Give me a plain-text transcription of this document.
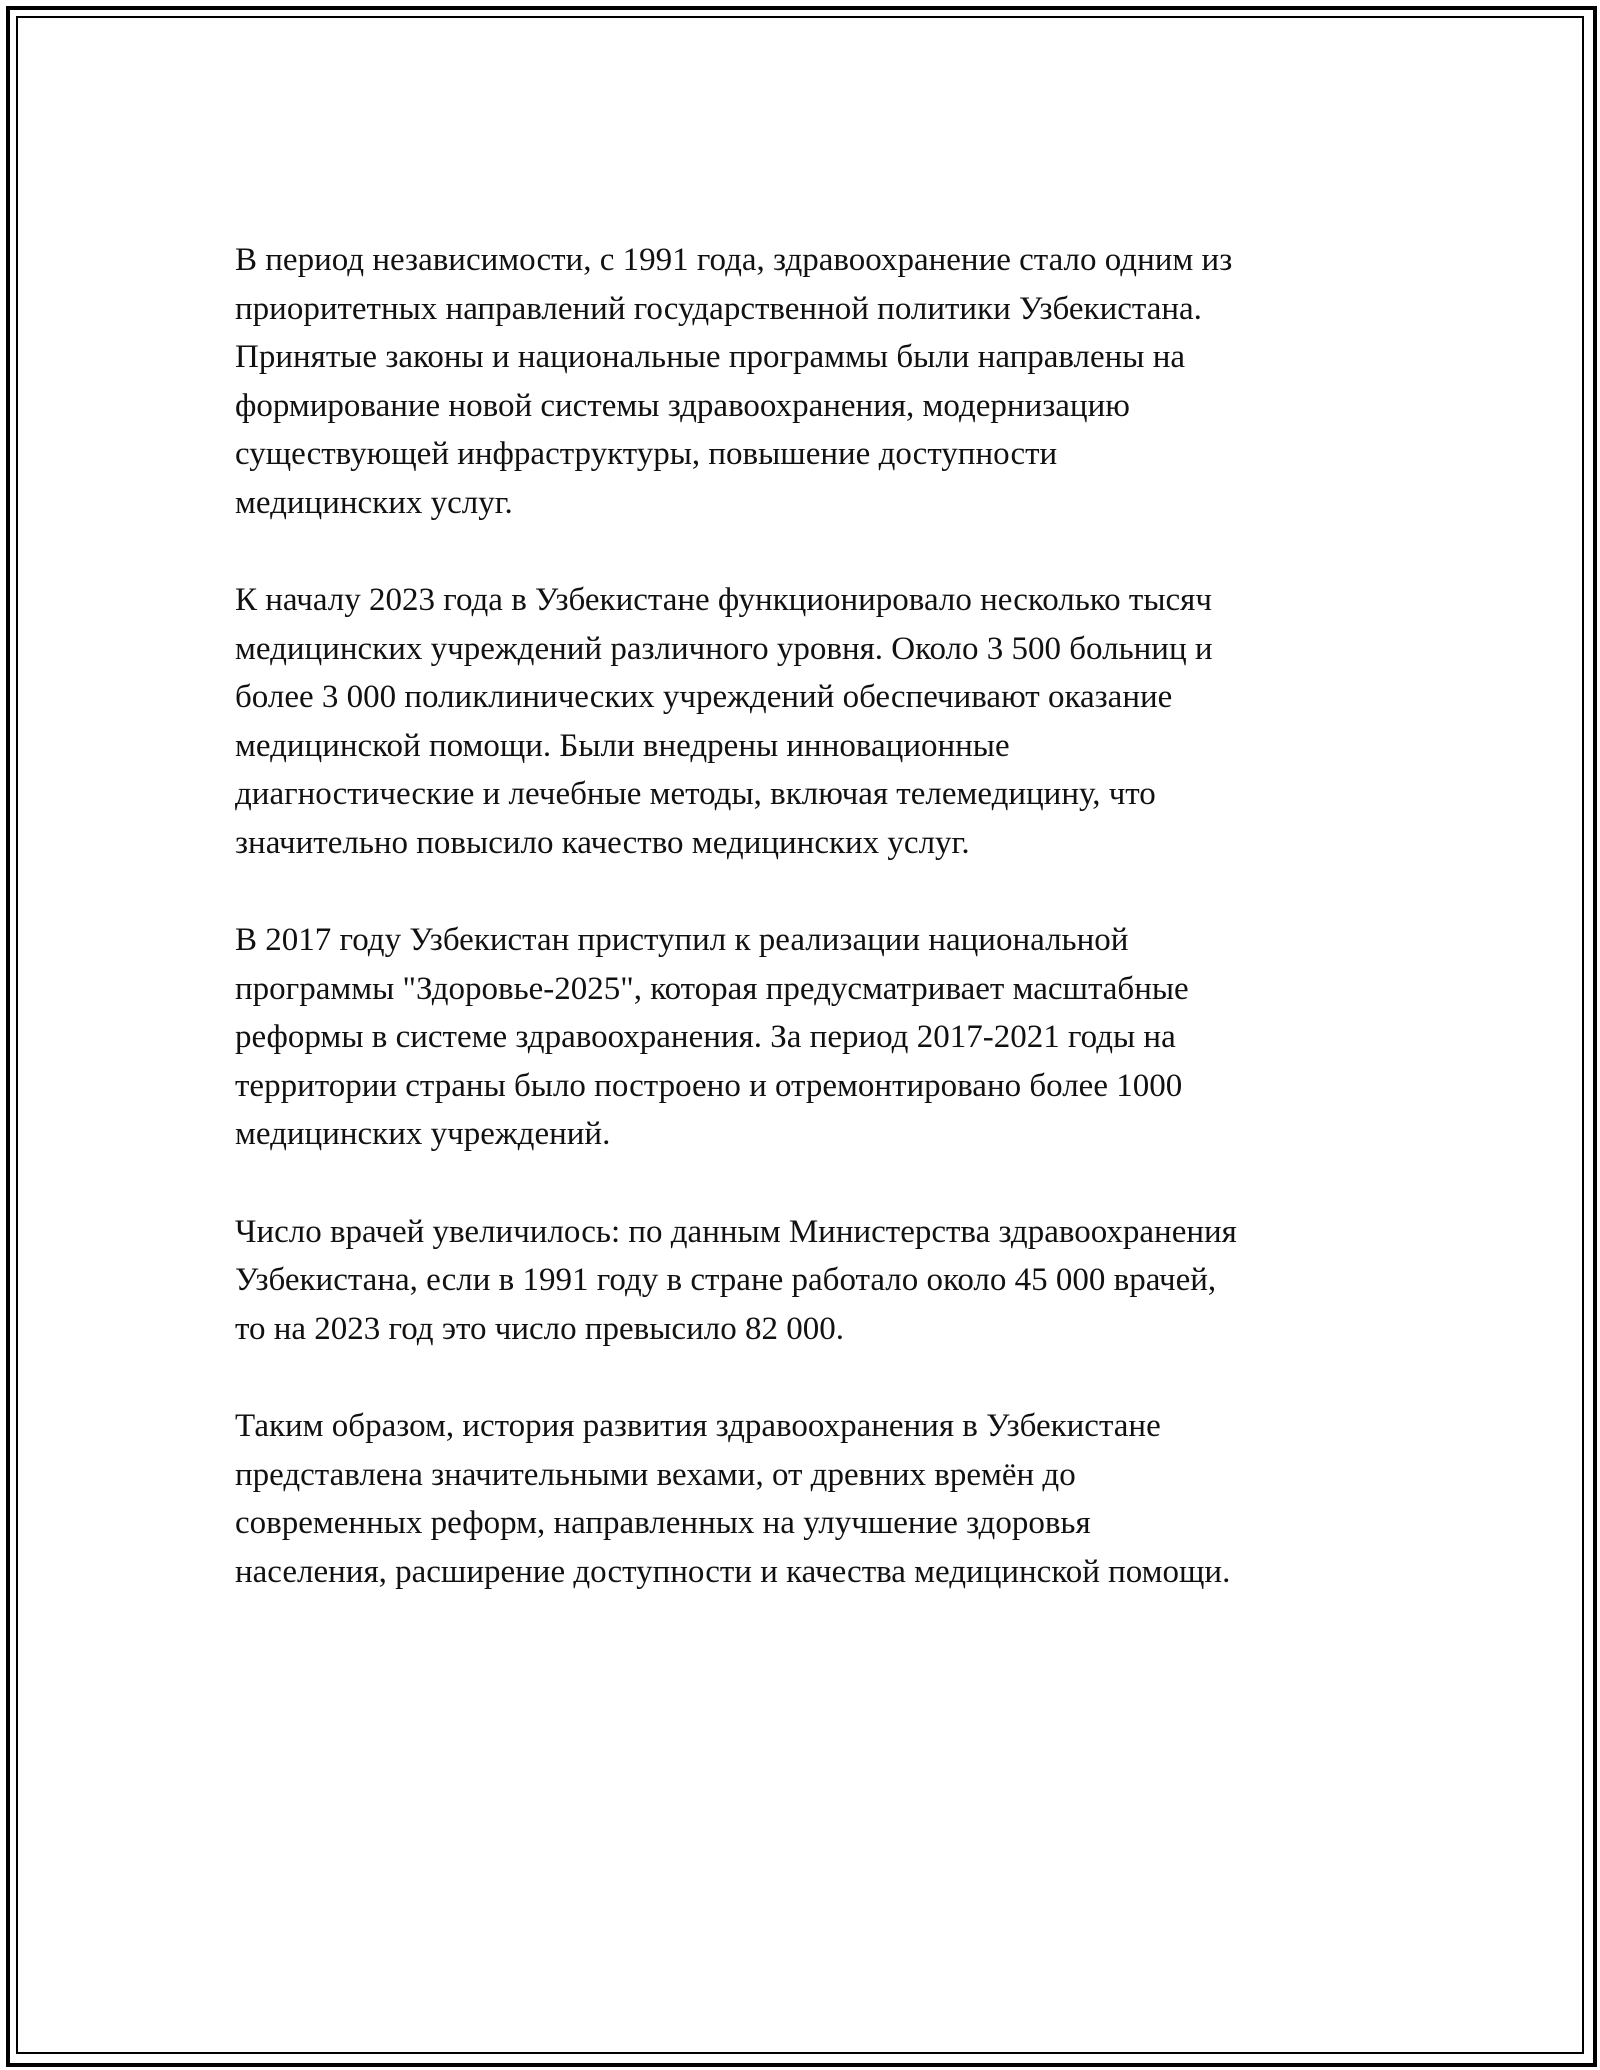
В период независимости, с 1991 года, здравоохранение стало одним из
приоритетных направлений государственной политики Узбекистана.
Принятые законы и национальные программы были направлены на
формирование новой системы здравоохранения, модернизацию
существующей инфраструктуры, повышение доступности
медицинских услуг.

К началу 2023 года в Узбекистане функционировало несколько тысяч
медицинских учреждений различного уровня. Около 3 500 больниц и
более 3 000 поликлинических учреждений обеспечивают оказание
медицинской помощи. Были внедрены инновационные
диагностические и лечебные методы, включая телемедицину, что
значительно повысило качество медицинских услуг.

В 2017 году Узбекистан приступил к реализации национальной
программы "Здоровье-2025", которая предусматривает масштабные
реформы в системе здравоохранения. За период 2017-2021 годы на
территории страны было построено и отремонтировано более 1000
медицинских учреждений.

Число врачей увеличилось: по данным Министерства здравоохранения
Узбекистана, если в 1991 году в стране работало около 45 000 врачей,
то на 2023 год это число превысило 82 000.

Таким образом, история развития здравоохранения в Узбекистане
представлена значительными вехами, от древних времён до
современных реформ, направленных на улучшение здоровья
населения, расширение доступности и качества медицинской помощи.
